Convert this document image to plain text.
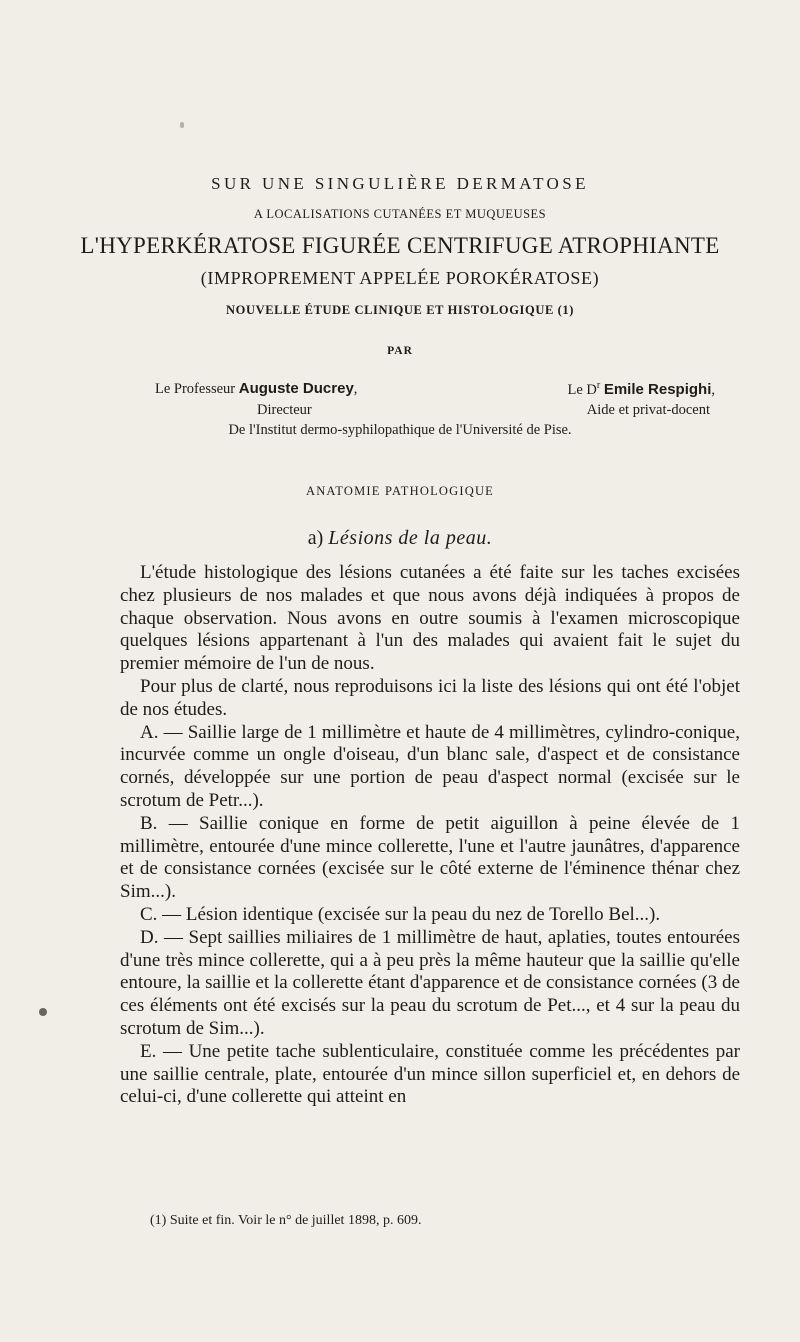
SUR UNE SINGULIÈRE DERMATOSE
A LOCALISATIONS CUTANÉES ET MUQUEUSES
L'HYPERKÉRATOSE FIGURÉE CENTRIFUGE ATROPHIANTE
(IMPROPREMENT APPELÉE POROKÉRATOSE)
NOUVELLE ÉTUDE CLINIQUE ET HISTOLOGIQUE (1)
PAR
Le Professeur Auguste Ducrey,	Le $D^r$ Emile Respighi,
Directeur	Aide et privat-docent
De l'Institut dermo-syphilopathique de l'Université de Pise.
ANATOMIE PATHOLOGIQUE
a) Lésions de la peau.

L'étude histologique des lésions cutanées a été faite sur les taches excisées chez plusieurs de nos malades et que nous avons déjà indiquées à propos de chaque observation. Nous avons en outre soumis à l'examen microscopique quelques lésions appartenant à l'un des malades qui avaient fait le sujet du premier mémoire de l'un de nous.

Pour plus de clarté, nous reproduisons ici la liste des lésions qui ont été l'objet de nos études.

A. — Saillie large de 1 millimètre et haute de 4 millimètres, cylindro-conique, incurvée comme un ongle d'oiseau, d'un blanc sale, d'aspect et de consistance cornés, développée sur une portion de peau d'aspect normal (excisée sur le scrotum de Petr...).

B. — Saillie conique en forme de petit aiguillon à peine élevée de 1 millimètre, entourée d'une mince collerette, l'une et l'autre jaunâtres, d'apparence et de consistance cornées (excisée sur le côté externe de l'éminence thénar chez Sim...).

C. — Lésion identique (excisée sur la peau du nez de Torello Bel...).

D. — Sept saillies miliaires de 1 millimètre de haut, aplaties, toutes entourées d'une très mince collerette, qui a à peu près la même hauteur que la saillie qu'elle entoure, la saillie et la collerette étant d'apparence et de consistance cornées (3 de ces éléments ont été excisés sur la peau du scrotum de Pet..., et 4 sur la peau du scrotum de Sim...).

E. — Une petite tache sublenticulaire, constituée comme les précédentes par une saillie centrale, plate, entourée d'un mince sillon superficiel et, en dehors de celui-ci, d'une collerette qui atteint en

(1) Suite et fin. Voir le n° de juillet 1898, p. 609.
